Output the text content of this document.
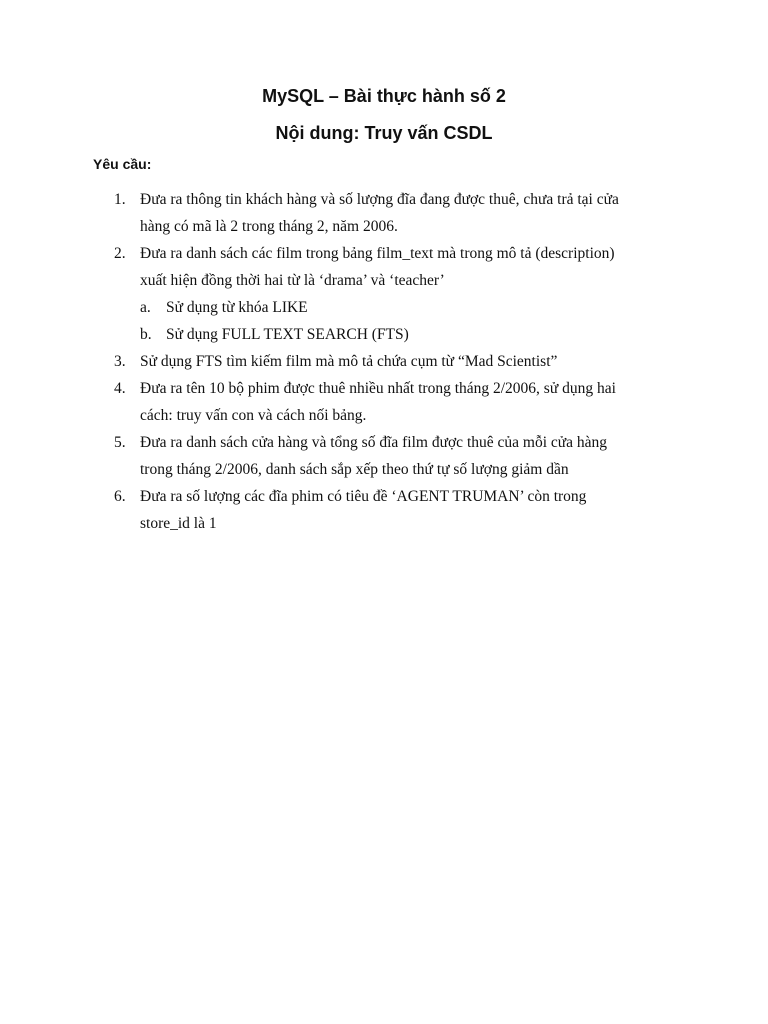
MySQL – Bài thực hành số 2
Nội dung: Truy vấn CSDL
Yêu cầu:
1. Đưa ra thông tin khách hàng và số lượng đĩa đang được thuê, chưa trả tại cửa
hàng có mã là 2 trong tháng 2, năm 2006.
2. Đưa ra danh sách các film trong bảng film_text mà trong mô tả (description)
xuất hiện đồng thời hai từ là ‘drama’ và ‘teacher’
a. Sử dụng từ khóa LIKE
b. Sử dụng FULL TEXT SEARCH (FTS)
3. Sử dụng FTS tìm kiếm film mà mô tả chứa cụm từ “Mad Scientist”
4. Đưa ra tên 10 bộ phim được thuê nhiều nhất trong tháng 2/2006, sử dụng hai
cách: truy vấn con và cách nối bảng.
5. Đưa ra danh sách cửa hàng và tổng số đĩa film được thuê của mỗi cửa hàng
trong tháng 2/2006, danh sách sắp xếp theo thứ tự số lượng giảm dần
6. Đưa ra số lượng các đĩa phim có tiêu đề ‘AGENT TRUMAN’ còn trong
store_id là 1
